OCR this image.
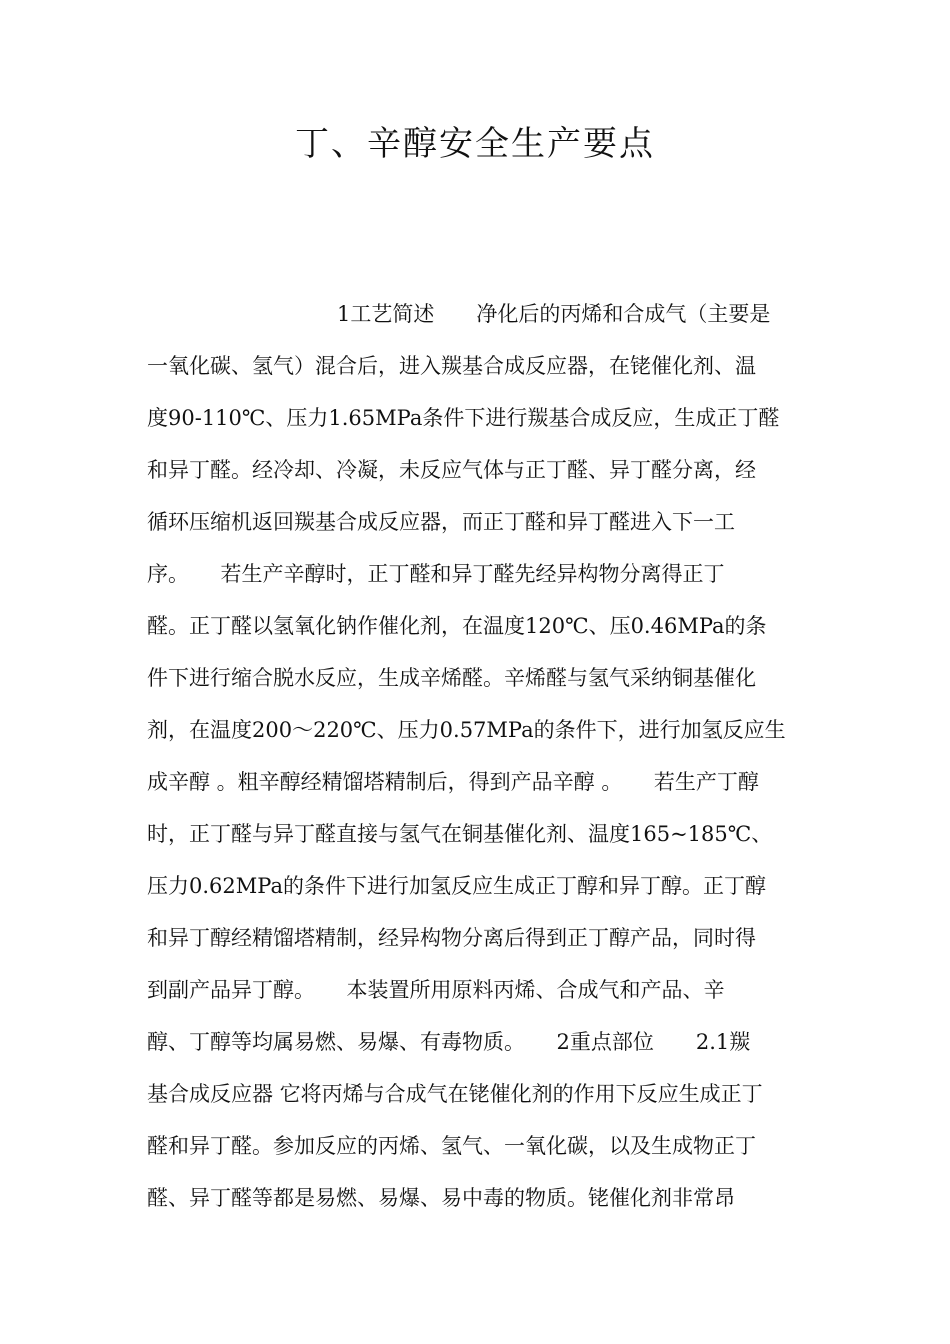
丁、辛醇安全生产要点

1工艺简述　　净化后的丙烯和合成气（主要是

一氧化碳、氢气）混合后，进入羰基合成反应器，在铑催化剂、温

度90-110℃、压力1.65MPa条件下进行羰基合成反应，生成正丁醛

和异丁醛。经冷却、冷凝，未反应气体与正丁醛、异丁醛分离，经

循环压缩机返回羰基合成反应器，而正丁醛和异丁醛进入下一工

序。　　若生产辛醇时，正丁醛和异丁醛先经异构物分离得正丁

醛。正丁醛以氢氧化钠作催化剂，在温度120℃、压0.46MPa的条

件下进行缩合脱水反应，生成辛烯醛。辛烯醛与氢气采纳铜基催化

剂，在温度200～220℃、压力0.57MPa的条件下，进行加氢反应生

成辛醇 。粗辛醇经精馏塔精制后，得到产品辛醇 。　　若生产丁醇

时，正丁醛与异丁醛直接与氢气在铜基催化剂、温度165~185℃、

压力0.62MPa的条件下进行加氢反应生成正丁醇和异丁醇。正丁醇

和异丁醇经精馏塔精制，经异构物分离后得到正丁醇产品，同时得

到副产品异丁醇。　　本装置所用原料丙烯、合成气和产品、辛

醇、丁醇等均属易燃、易爆、有毒物质。　　2重点部位　　2.1羰

基合成反应器 它将丙烯与合成气在铑催化剂的作用下反应生成正丁

醛和异丁醛。参加反应的丙烯、氢气、一氧化碳，以及生成物正丁

醛、异丁醛等都是易燃、易爆、易中毒的物质。铑催化剂非常昂
